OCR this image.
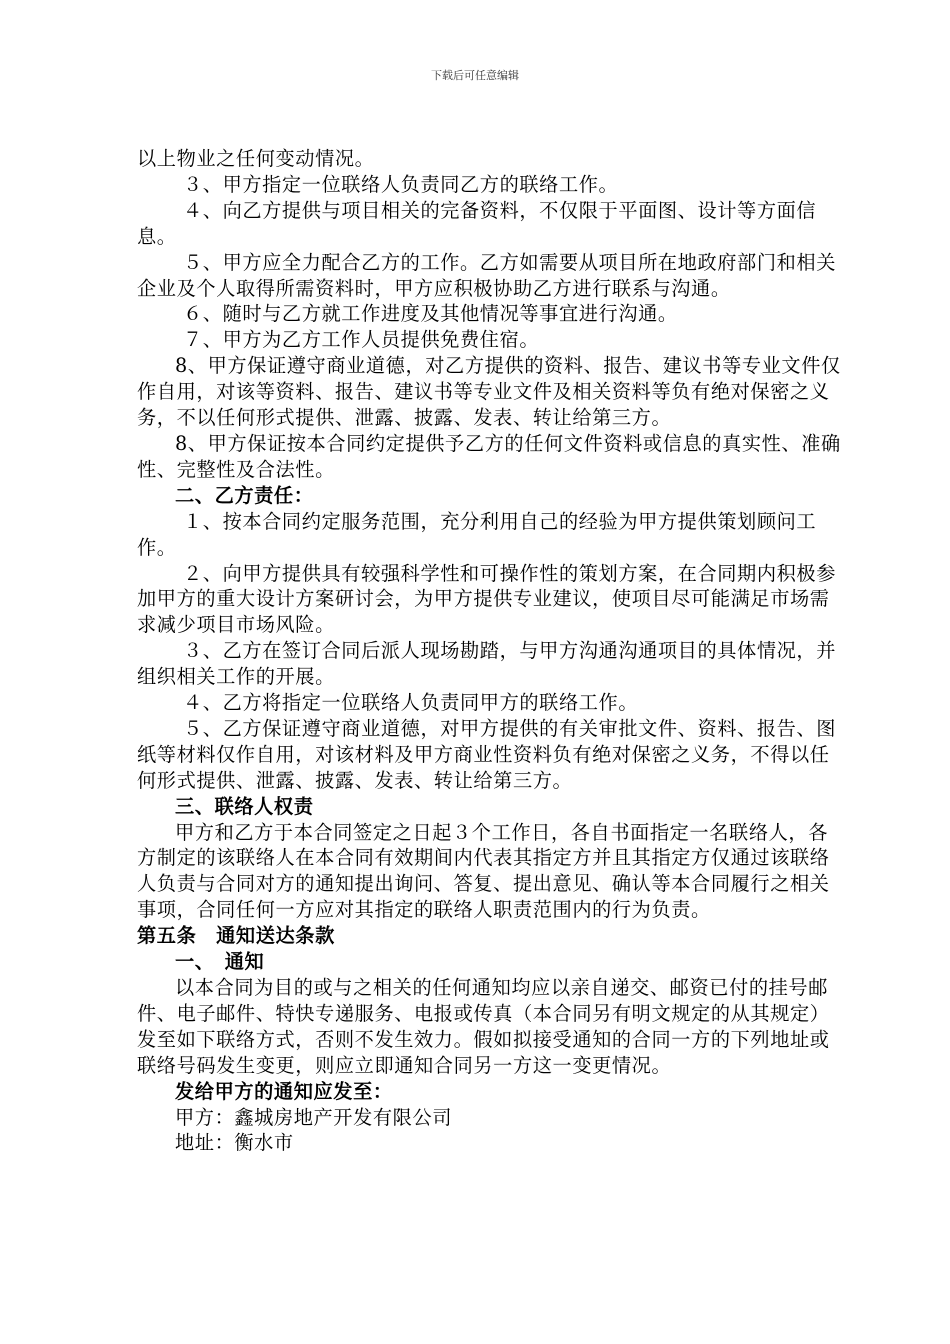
下载后可任意编辑

以上物业之任何变动情况。

３、甲方指定一位联络人负责同乙方的联络工作。

４、向乙方提供与项目相关的完备资料，不仅限于平面图、设计等方面信息。

５、甲方应全力配合乙方的工作。乙方如需要从项目所在地政府部门和相关企业及个人取得所需资料时，甲方应积极协助乙方进行联系与沟通。

６、随时与乙方就工作进度及其他情况等事宜进行沟通。

７、甲方为乙方工作人员提供免费住宿。

8、甲方保证遵守商业道德，对乙方提供的资料、报告、建议书等专业文件仅作自用，对该等资料、报告、建议书等专业文件及相关资料等负有绝对保密之义务，不以任何形式提供、泄露、披露、发表、转让给第三方。

8、甲方保证按本合同约定提供予乙方的任何文件资料或信息的真实性、准确性、完整性及合法性。

二、乙方责任：

１、按本合同约定服务范围，充分利用自己的经验为甲方提供策划顾问工作。

２、向甲方提供具有较强科学性和可操作性的策划方案，在合同期内积极参加甲方的重大设计方案研讨会，为甲方提供专业建议，使项目尽可能满足市场需求减少项目市场风险。

３、乙方在签订合同后派人现场勘踏，与甲方沟通沟通项目的具体情况，并组织相关工作的开展。

４、乙方将指定一位联络人负责同甲方的联络工作。

５、乙方保证遵守商业道德，对甲方提供的有关审批文件、资料、报告、图纸等材料仅作自用，对该材料及甲方商业性资料负有绝对保密之义务，不得以任何形式提供、泄露、披露、发表、转让给第三方。

三、联络人权责

甲方和乙方于本合同签定之日起３个工作日，各自书面指定一名联络人，各方制定的该联络人在本合同有效期间内代表其指定方并且其指定方仅通过该联络人负责与合同对方的通知提出询问、答复、提出意见、确认等本合同履行之相关事项，合同任何一方应对其指定的联络人职责范围内的行为负责。

第五条　通知送达条款

一、　通知

以本合同为目的或与之相关的任何通知均应以亲自递交、邮资已付的挂号邮件、电子邮件、特快专递服务、电报或传真（本合同另有明文规定的从其规定）发至如下联络方式，否则不发生效力。假如拟接受通知的合同一方的下列地址或联络号码发生变更，则应立即通知合同另一方这一变更情况。

发给甲方的通知应发至：

甲方：鑫城房地产开发有限公司

地址：衡水市
